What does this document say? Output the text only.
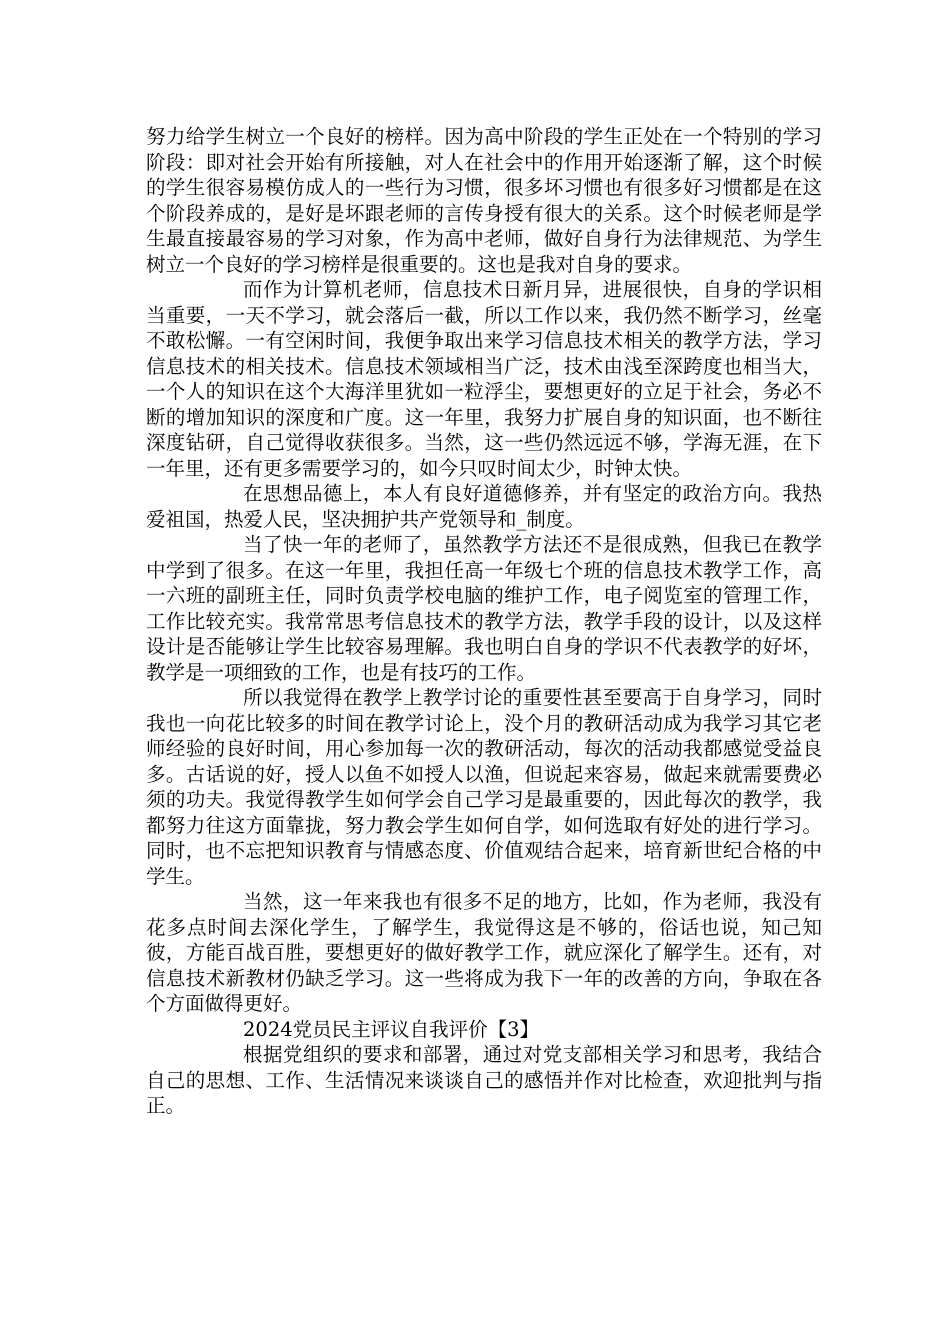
努力给学生树立一个良好的榜样。因为高中阶段的学生正处在一个特别的学习阶段：即对社会开始有所接触，对人在社会中的作用开始逐渐了解，这个时候的学生很容易模仿成人的一些行为习惯，很多坏习惯也有很多好习惯都是在这个阶段养成的，是好是坏跟老师的言传身授有很大的关系。这个时候老师是学生最直接最容易的学习对象，作为高中老师，做好自身行为法律规范、为学生树立一个良好的学习榜样是很重要的。这也是我对自身的要求。

而作为计算机老师，信息技术日新月异，进展很快，自身的学识相当重要，一天不学习，就会落后一截，所以工作以来，我仍然不断学习，丝毫不敢松懈。一有空闲时间，我便争取出来学习信息技术相关的教学方法，学习信息技术的相关技术。信息技术领域相当广泛，技术由浅至深跨度也相当大，一个人的知识在这个大海洋里犹如一粒浮尘，要想更好的立足于社会，务必不断的增加知识的深度和广度。这一年里，我努力扩展自身的知识面，也不断往深度钻研，自己觉得收获很多。当然，这一些仍然远远不够，学海无涯，在下一年里，还有更多需要学习的，如今只叹时间太少，时钟太快。

在思想品德上，本人有良好道德修养，并有坚定的政治方向。我热爱祖国，热爱人民，坚决拥护共产党领导和_制度。

当了快一年的老师了，虽然教学方法还不是很成熟，但我已在教学中学到了很多。在这一年里，我担任高一年级七个班的信息技术教学工作，高一六班的副班主任，同时负责学校电脑的维护工作，电子阅览室的管理工作，工作比较充实。我常常思考信息技术的教学方法，教学手段的设计，以及这样设计是否能够让学生比较容易理解。我也明白自身的学识不代表教学的好坏，教学是一项细致的工作，也是有技巧的工作。

所以我觉得在教学上教学讨论的重要性甚至要高于自身学习，同时我也一向花比较多的时间在教学讨论上，没个月的教研活动成为我学习其它老师经验的良好时间，用心参加每一次的教研活动，每次的活动我都感觉受益良多。古话说的好，授人以鱼不如授人以渔，但说起来容易，做起来就需要费必须的功夫。我觉得教学生如何学会自己学习是最重要的，因此每次的教学，我都努力往这方面靠拢，努力教会学生如何自学，如何选取有好处的进行学习。同时，也不忘把知识教育与情感态度、价值观结合起来，培育新世纪合格的中学生。

当然，这一年来我也有很多不足的地方，比如，作为老师，我没有花多点时间去深化学生，了解学生，我觉得这是不够的，俗话也说，知己知彼，方能百战百胜，要想更好的做好教学工作，就应深化了解学生。还有，对信息技术新教材仍缺乏学习。这一些将成为我下一年的改善的方向，争取在各个方面做得更好。

2024党员民主评议自我评价【3】

根据党组织的要求和部署，通过对党支部相关学习和思考，我结合自己的思想、工作、生活情况来谈谈自己的感悟并作对比检查，欢迎批判与指正。
